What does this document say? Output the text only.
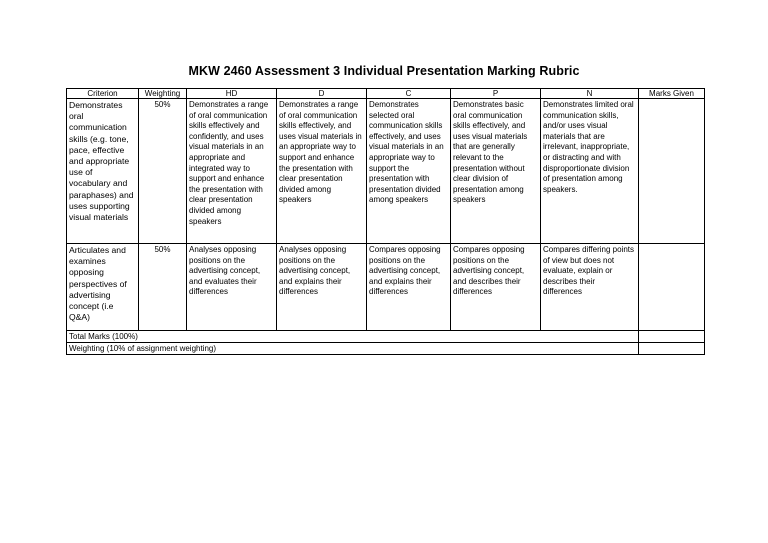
MKW 2460 Assessment 3 Individual Presentation Marking Rubric
Criterion	Weighting	HD	D	C	P	N	Marks Given
Demonstrates oral communication skills (e.g. tone, pace, effective and appropriate use of vocabulary and paraphases) and uses supporting visual materials	50%	Demonstrates a range of oral communication skills effectively and confidently, and uses visual materials in an appropriate and integrated way to support and enhance the presentation with clear presentation divided among speakers	Demonstrates a range of oral communication skills effectively, and uses visual materials in an appropriate way to support and enhance the presentation with clear presentation divided among speakers	Demonstrates selected oral communication skills effectively, and uses visual materials in an appropriate way to support the presentation with presentation divided among speakers	Demonstrates basic oral communication skills effectively, and uses visual materials that are generally relevant to the presentation without clear division of presentation among speakers	Demonstrates limited oral communication skills, and/or uses visual materials that are irrelevant, inappropriate, or distracting and with disproportionate division of presentation among speakers.	
Articulates and examines opposing perspectives of advertising concept (i.e Q&A)	50%	Analyses opposing positions on the advertising concept, and evaluates their differences	Analyses opposing positions on the advertising concept, and explains their differences	Compares opposing positions on the advertising concept, and explains their differences	Compares opposing positions on the advertising concept, and describes their differences	Compares differing points of view but does not evaluate, explain or describes their differences	
Total Marks (100%)							
Weighting (10% of assignment weighting)							
